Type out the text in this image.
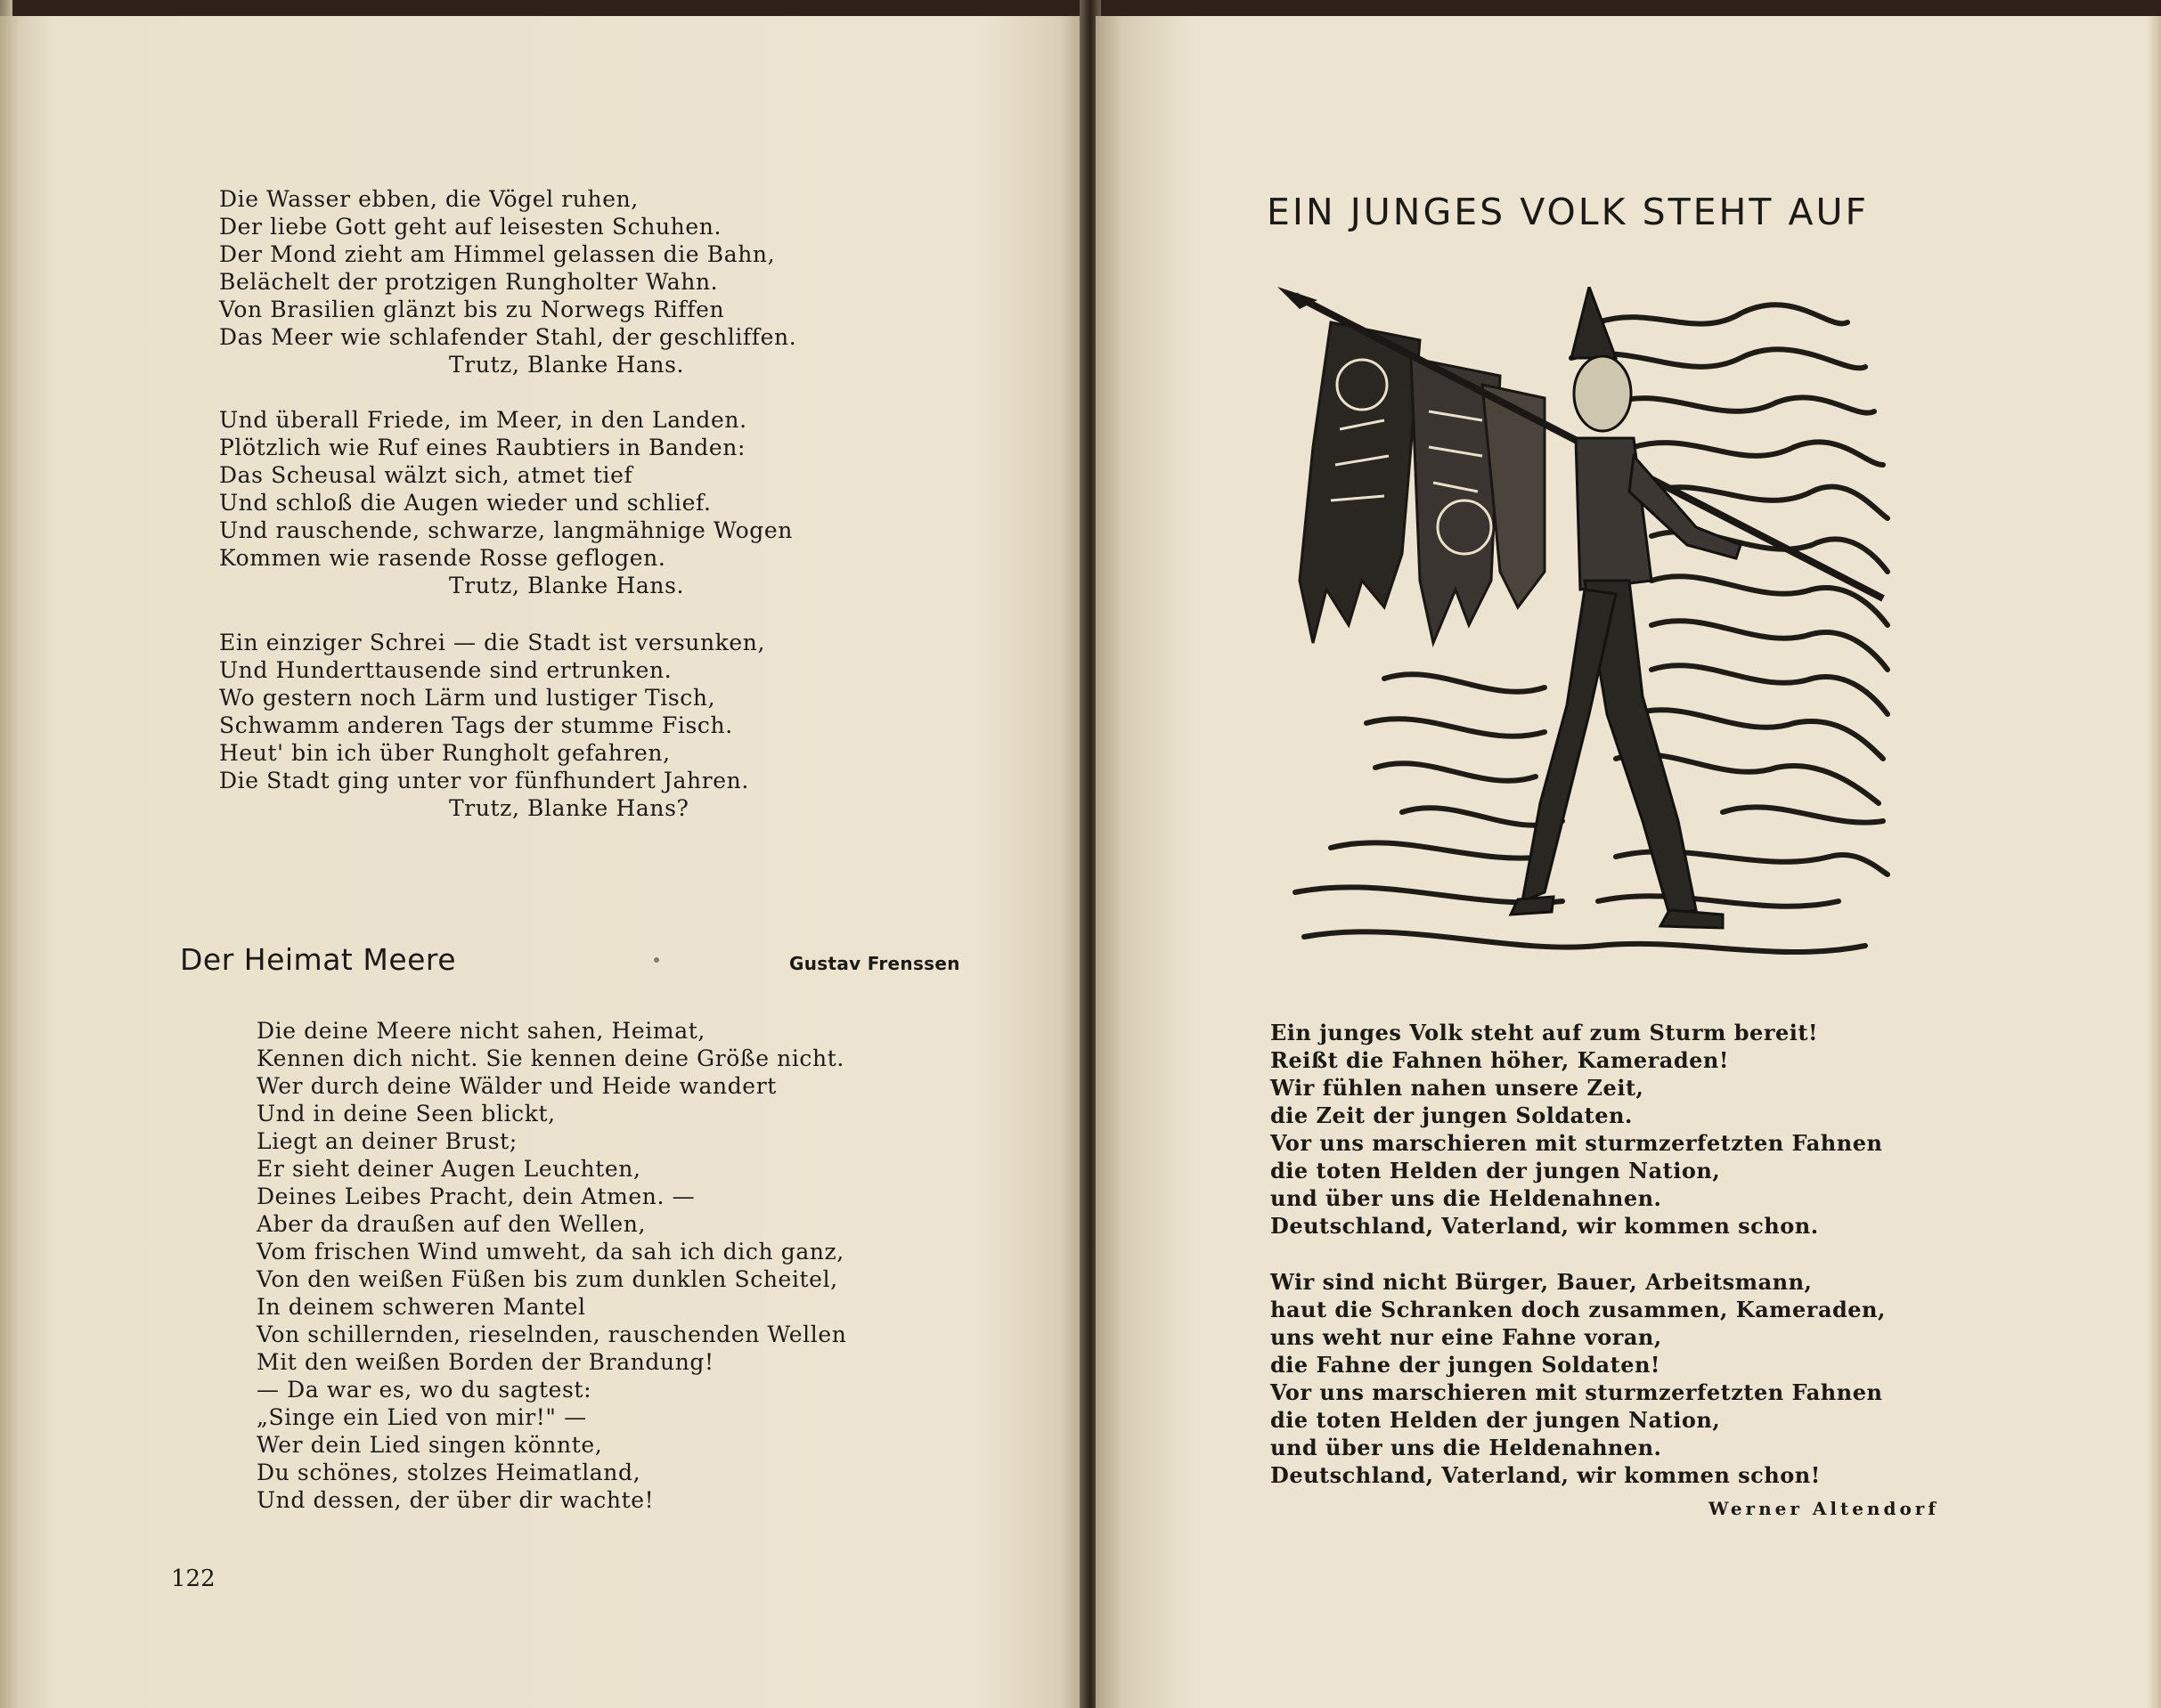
Die Wasser ebben, die Vögel ruhen,
Der liebe Gott geht auf leisesten Schuhen.
Der Mond zieht am Himmel gelassen die Bahn,
Belächelt der protzigen Rungholter Wahn.
Von Brasilien glänzt bis zu Norwegs Riffen
Das Meer wie schlafender Stahl, der geschliffen.
Trutz, Blanke Hans.
Und überall Friede, im Meer, in den Landen.
Plötzlich wie Ruf eines Raubtiers in Banden:
Das Scheusal wälzt sich, atmet tief
Und schloß die Augen wieder und schlief.
Und rauschende, schwarze, langmähnige Wogen
Kommen wie rasende Rosse geflogen.
Trutz, Blanke Hans.
Ein einziger Schrei — die Stadt ist versunken,
Und Hunderttausende sind ertrunken.
Wo gestern noch Lärm und lustiger Tisch,
Schwamm anderen Tags der stumme Fisch.
Heut' bin ich über Rungholt gefahren,
Die Stadt ging unter vor fünfhundert Jahren.
Trutz, Blanke Hans?
Der Heimat Meere	Gustav Frenssen
Die deine Meere nicht sahen, Heimat,
Kennen dich nicht. Sie kennen deine Größe nicht.
Wer durch deine Wälder und Heide wandert
Und in deine Seen blickt,
Liegt an deiner Brust;
Er sieht deiner Augen Leuchten,
Deines Leibes Pracht, dein Atmen. —
Aber da draußen auf den Wellen,
Vom frischen Wind umweht, da sah ich dich ganz,
Von den weißen Füßen bis zum dunklen Scheitel,
In deinem schweren Mantel
Von schillernden, rieselnden, rauschenden Wellen
Mit den weißen Borden der Brandung!
— Da war es, wo du sagtest:
„Singe ein Lied von mir!" —
Wer dein Lied singen könnte,
Du schönes, stolzes Heimatland,
Und dessen, der über dir wachte!
122
EIN JUNGES VOLK STEHT AUF
Ein junges Volk steht auf zum Sturm bereit!
Reißt die Fahnen höher, Kameraden!
Wir fühlen nahen unsere Zeit,
die Zeit der jungen Soldaten.
Vor uns marschieren mit sturmzerfetzten Fahnen
die toten Helden der jungen Nation,
und über uns die Heldenahnen.
Deutschland, Vaterland, wir kommen schon.
Wir sind nicht Bürger, Bauer, Arbeitsmann,
haut die Schranken doch zusammen, Kameraden,
uns weht nur eine Fahne voran,
die Fahne der jungen Soldaten!
Vor uns marschieren mit sturmzerfetzten Fahnen
die toten Helden der jungen Nation,
und über uns die Heldenahnen.
Deutschland, Vaterland, wir kommen schon!
Werner Altendorf
